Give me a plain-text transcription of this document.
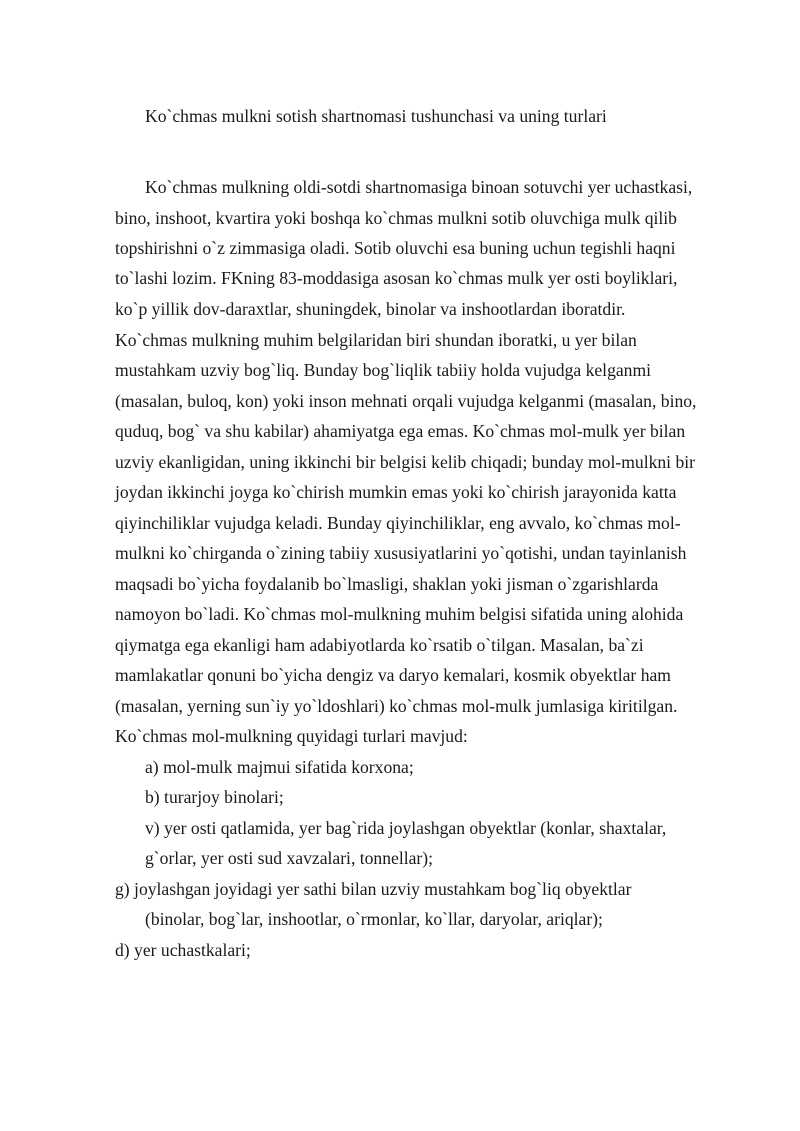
Ko`chmas mulkni sotish shartnomasi tushunchasi va uning turlari
Ko`chmas mulkning oldi-sotdi shartnomasiga binoan sotuvchi yer uchastkasi,
bino, inshoot, kvartira yoki boshqa ko`chmas mulkni sotib oluvchiga mulk qilib
topshirishni o`z zimmasiga oladi. Sotib oluvchi esa buning uchun tegishli haqni
to`lashi lozim. FKning 83-moddasiga asosan ko`chmas mulk yer osti boyliklari,
ko`p yillik dov-daraxtlar, shuningdek, binolar va inshootlardan iboratdir.
Ko`chmas mulkning muhim belgilaridan biri shundan iboratki, u yer bilan
mustahkam uzviy bog`liq. Bunday bog`liqlik tabiiy holda vujudga kelganmi
(masalan, buloq, kon) yoki inson mehnati orqali vujudga kelganmi (masalan, bino,
quduq, bog` va shu kabilar) ahamiyatga ega emas. Ko`chmas mol-mulk yer bilan
uzviy ekanligidan, uning ikkinchi bir belgisi kelib chiqadi; bunday mol-mulkni bir
joydan ikkinchi joyga ko`chirish mumkin emas yoki ko`chirish jarayonida katta
qiyinchiliklar vujudga keladi. Bunday qiyinchiliklar, eng avvalo, ko`chmas mol-
mulkni ko`chirganda o`zining tabiiy xususiyatlarini yo`qotishi, undan tayinlanish
maqsadi bo`yicha foydalanib bo`lmasligi, shaklan yoki jisman o`zgarishlarda
namoyon bo`ladi. Ko`chmas mol-mulkning muhim belgisi sifatida uning alohida
qiymatga ega ekanligi ham adabiyotlarda ko`rsatib o`tilgan. Masalan, ba`zi
mamlakatlar qonuni bo`yicha dengiz va daryo kemalari, kosmik obyektlar ham
(masalan, yerning sun`iy yo`ldoshlari) ko`chmas mol-mulk jumlasiga kiritilgan.
Ko`chmas mol-mulkning quyidagi turlari mavjud:
a) mol-mulk majmui sifatida korxona;
b) turarjoy binolari;
v) yer osti qatlamida, yer bag`rida joylashgan obyektlar (konlar, shaxtalar,
g`orlar, yer osti sud xavzalari, tonnellar);
g) joylashgan joyidagi yer sathi bilan uzviy mustahkam bog`liq obyektlar
(binolar, bog`lar, inshootlar, o`rmonlar, ko`llar, daryolar, ariqlar);
d) yer uchastkalari;
